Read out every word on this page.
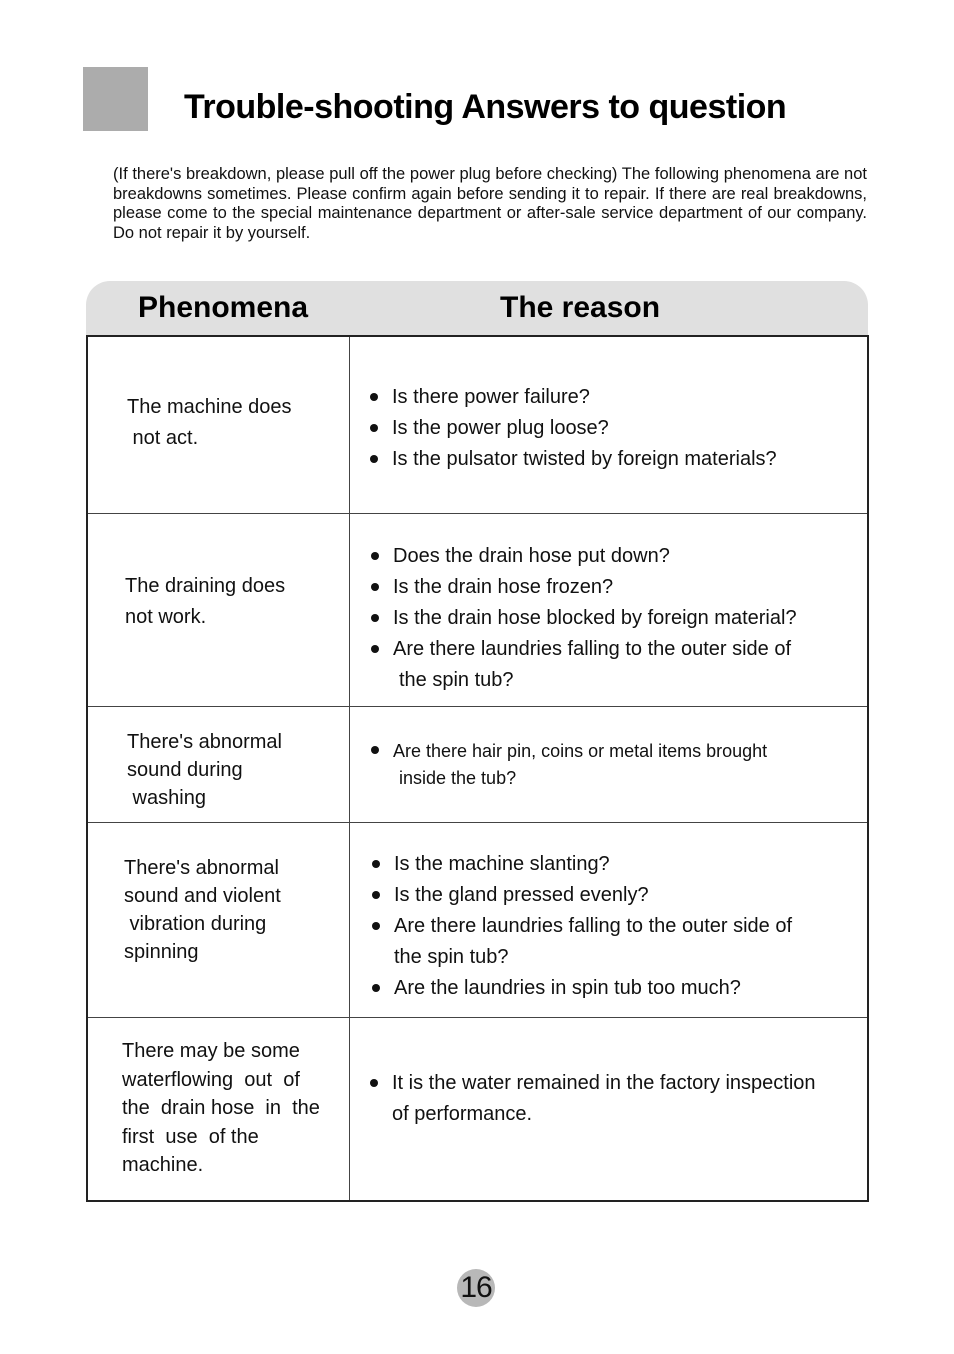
Trouble-shooting Answers to question
(If there's breakdown, please pull off the power plug before checking) The following phenomena are not breakdowns sometimes. Please confirm again before sending it to repair. If there are real breakdowns, please come to the special maintenance department or after-sale service department of our company. Do not repair it by yourself.
Phenomena	The reason
The machine does
not act.
Is there power failure?
Is the power plug loose?
Is the pulsator twisted by foreign materials?
The draining does
not work.
Does the drain hose put down?
Is the drain hose frozen?
Is the drain hose blocked by foreign material?
Are there laundries falling to the outer side of
the spin tub?
There's abnormal
sound during
washing
Are there hair pin, coins or metal items brought
inside the tub?
There's abnormal
sound and violent
vibration during
spinning
Is the machine slanting?
Is the gland pressed evenly?
Are there laundries falling to the outer side of
the spin tub?
Are the laundries in spin tub too much?
There may be some
waterflowing  out  of
the  drain hose  in  the
first  use  of the
machine.
It is the water remained in the factory inspection
of performance.
16
